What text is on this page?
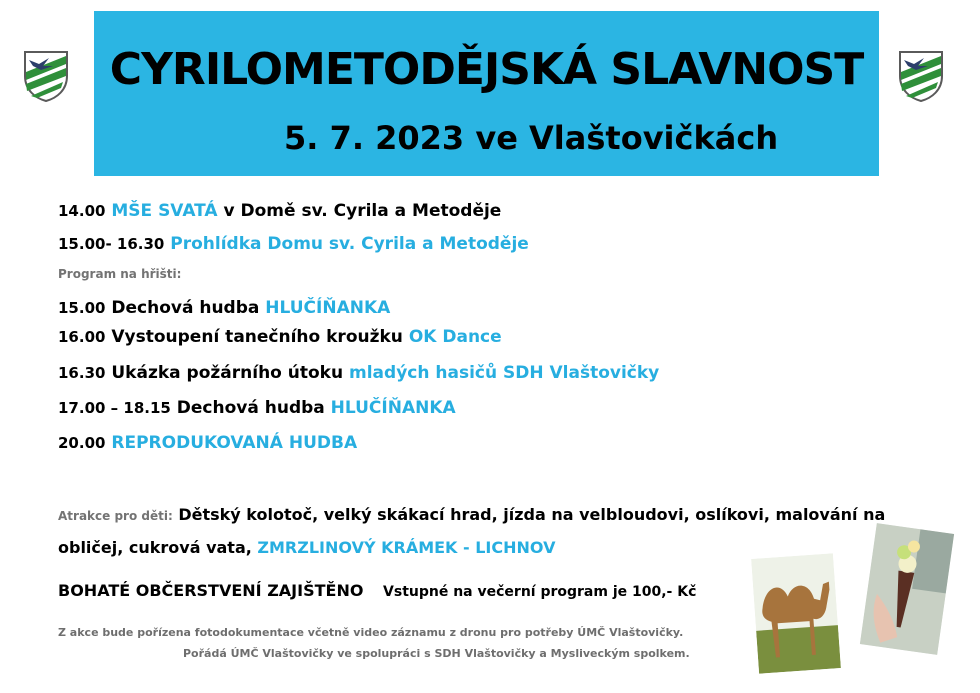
CYRILOMETODĚJSKÁ SLAVNOST
5. 7. 2023 ve Vlaštovičkách
14.00 MŠE SVATÁ v Domě sv. Cyrila a Metoděje
15.00- 16.30 Prohlídka Domu sv. Cyrila a Metoděje
Program na hřišti:
15.00 Dechová hudba HLUČÍŇANKA
16.00 Vystoupení tanečního kroužku OK Dance
16.30 Ukázka požárního útoku mladých hasičů SDH Vlaštovičky
17.00 – 18.15 Dechová hudba HLUČÍŇANKA
20.00 REPRODUKOVANÁ HUDBA
Atrakce pro děti: Dětský kolotoč, velký skákací hrad, jízda na velbloudovi, oslíkovi, malování na
obličej, cukrová vata, ZMRZLINOVÝ KRÁMEK - LICHNOV
BOHATÉ OBČERSTVENÍ ZAJIŠTĚNO Vstupné na večerní program je 100,- Kč
Z akce bude pořízena fotodokumentace včetně video záznamu z dronu pro potřeby ÚMČ Vlaštovičky.
Pořádá ÚMČ Vlaštovičky ve spolupráci s SDH Vlaštovičky a Mysliveckým spolkem.
